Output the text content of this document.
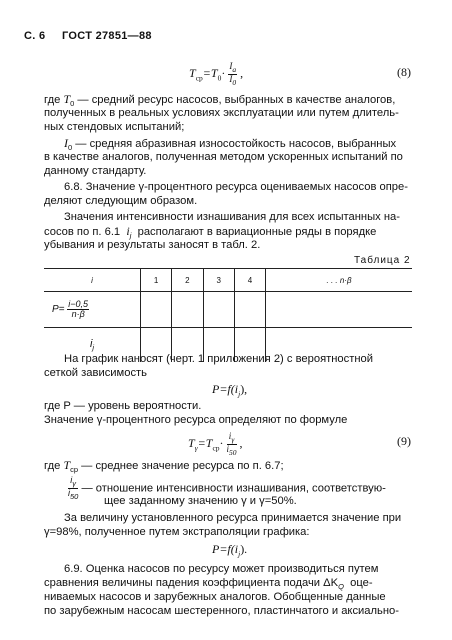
С. 6 ГОСТ 27851—88
$T_{ср}=T_0\cdot \frac{I_а}{I_0}$ ,	(8)
где $T_0$ — средний ресурс насосов, выбранных в качестве аналогов,
полученных в реальных условиях эксплуатации или путем длитель-
ных стендовых испытаний;
$I_0$ — средняя абразивная износостойкость насосов, выбранных
в качестве аналогов, полученная методом ускоренных испытаний по
данному стандарту.
6.8. Значение γ-процентного ресурса оцениваемых насосов опре-
деляют следующим образом.
Значения интенсивности изнашивания для всех испытанных на-
сосов по п. 6.1 $i_j$ располагают в вариационные ряды в порядке
убывания и результаты заносят в табл. 2.
Таблица 2
i	1	2	3	4	. . . n·β
$P= \frac{i-0,5}{n\cdot\beta}$

$i_j$					
На график наносят (черт. 1 приложения 2) с вероятностной
сеткой зависимость
$P=f(i_j)$,
где P — уровень вероятности.
Значение γ-процентного ресурса определяют по формуле
$T_\gamma=T_{ср}\cdot \frac{i_\gamma}{i_{50}}$ ,	(9)
где $T_{ср}$ — среднее значение ресурса по п. 6.7;
$\frac{i_\gamma}{i_{50}}$ — отношение интенсивности изнашивания, соответствую-
щее заданному значению γ и γ=50%.
За величину установленного ресурса принимается значение при
γ=98%, полученное путем экстраполяции графика:
$P=f(i_j)$.
6.9. Оценка насосов по ресурсу может производиться путем
сравнения величины падения коэффициента подачи $\Delta K_Q$ оце-
ниваемых насосов и зарубежных аналогов. Обобщенные данные
по зарубежным насосам шестеренного, пластинчатого и аксиально-
